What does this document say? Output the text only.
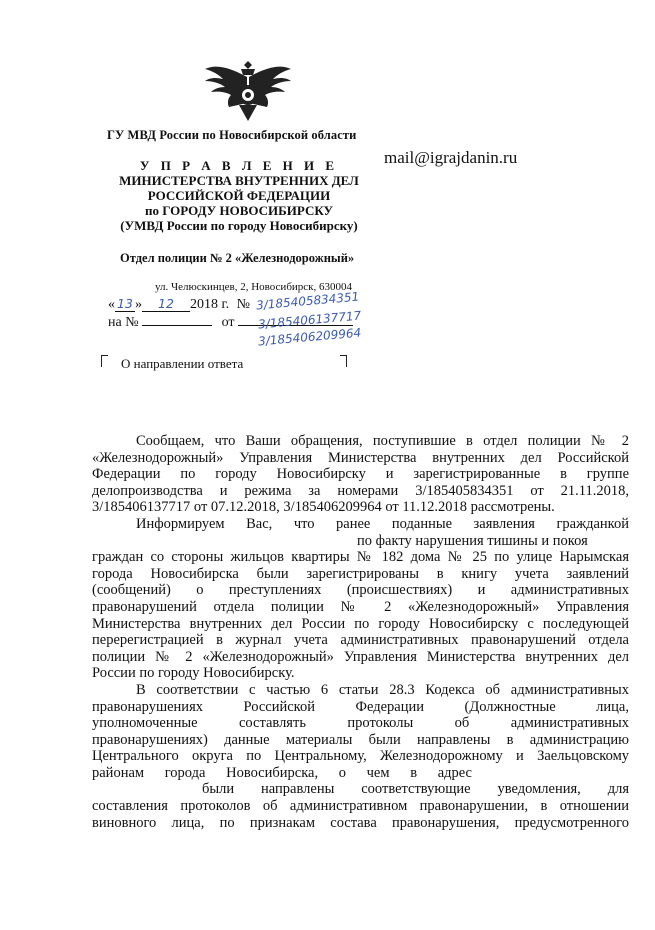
ГУ МВД России по Новосибирской области
mail@igrajdanin.ru
У П Р А В Л Е Н И Е
МИНИСТЕРСТВА ВНУТРЕННИХ ДЕЛ
РОССИЙСКОЙ ФЕДЕРАЦИИ
по ГОРОДУ НОВОСИБИРСКУ
(УМВД России по городу Новосибирску)
Отдел полиции № 2 «Железнодорожный»
ул. Челюскинцев, 2, Новосибирск, 630004
« 13 » 12 2018 г. № 3/185405834351
на №	от	3/185406137717
3/185406209964
О направлении ответа
Сообщаем, что Ваши обращения, поступившие в отдел полиции № 2
«Железнодорожный» Управления Министерства внутренних дел Российской
Федерации по городу Новосибирску и зарегистрированные в группе
делопроизводства и режима за номерами 3/185405834351 от 21.11.2018,
3/185406137717 от 07.12.2018, 3/185406209964 от 11.12.2018 рассмотрены.
Информируем Вас, что ранее поданные заявления гражданкой
по факту нарушения тишины и покоя
граждан со стороны жильцов квартиры № 182 дома № 25 по улице Нарымская
города Новосибирска были зарегистрированы в книгу учета заявлений
(сообщений) о преступлениях (происшествиях) и административных
правонарушений отдела полиции № 2 «Железнодорожный» Управления
Министерства внутренних дел России по городу Новосибирску с последующей
перерегистрацией в журнал учета административных правонарушений отдела
полиции № 2 «Железнодорожный» Управления Министерства внутренних дел
России по городу Новосибирску.
В соответствии с частью 6 статьи 28.3 Кодекса об административных
правонарушениях Российской Федерации (Должностные лица,
уполномоченные составлять протоколы об административных
правонарушениях) данные материалы были направлены в администрацию
Центрального округа по Центральному, Железнодорожному и Заельцовскому
районам города Новосибирска, о чем в адрес
были направлены соответствующие уведомления, для
составления протоколов об административном правонарушении, в отношении
виновного лица, по признакам состава правонарушения, предусмотренного
